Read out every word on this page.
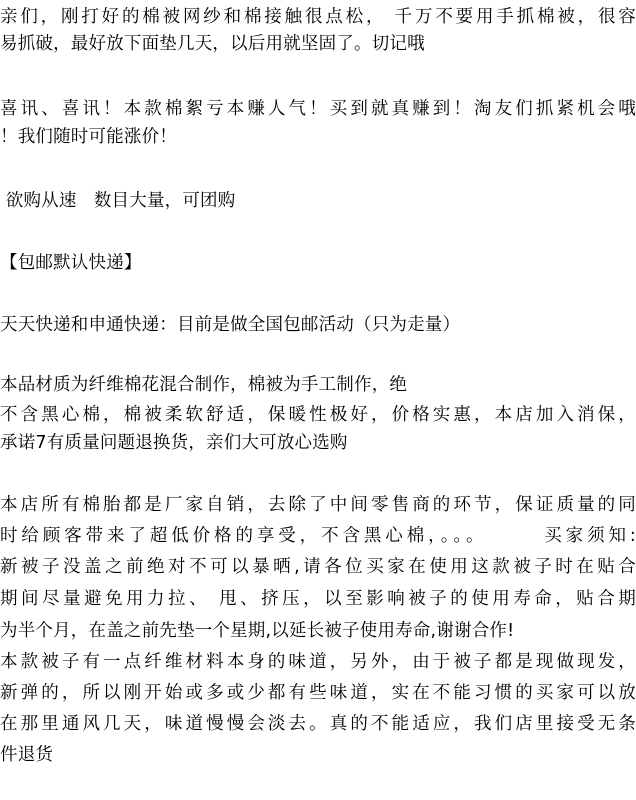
亲们，刚打好的棉被网纱和棉接触很点松， 千万不要用手抓棉被，很容
易抓破，最好放下面垫几天，以后用就坚固了。切记哦
喜讯、喜讯！本款棉絮亏本赚人气！买到就真赚到！淘友们抓紧机会哦
！我们随时可能涨价！
欲购从速   数目大量，可团购
【包邮默认快递】
天天快递和申通快递：目前是做全国包邮活动（只为走量）
本品材质为纤维棉花混合制作，棉被为手工制作，绝
不含黑心棉，棉被柔软舒适，保暖性极好，价格实惠，本店加入消保，
承诺7有质量问题退换货，亲们大可放心选购
本店所有棉胎都是厂家自销，去除了中间零售商的环节，保证质量的同
时给顾客带来了超低价格的享受，不含黑心棉，。。。      买家须知:
新被子没盖之前绝对不可以暴晒,请各位买家在使用这款被子时在贴合
期间尽量避免用力拉、 甩、挤压，以至影响被子的使用寿命，贴合期
为半个月，在盖之前先垫一个星期,以延长被子使用寿命,谢谢合作!
本款被子有一点纤维材料本身的味道，另外，由于被子都是现做现发，
新弹的，所以刚开始或多或少都有些味道，实在不能习惯的买家可以放
在那里通风几天，味道慢慢会淡去。真的不能适应，我们店里接受无条
件退货
